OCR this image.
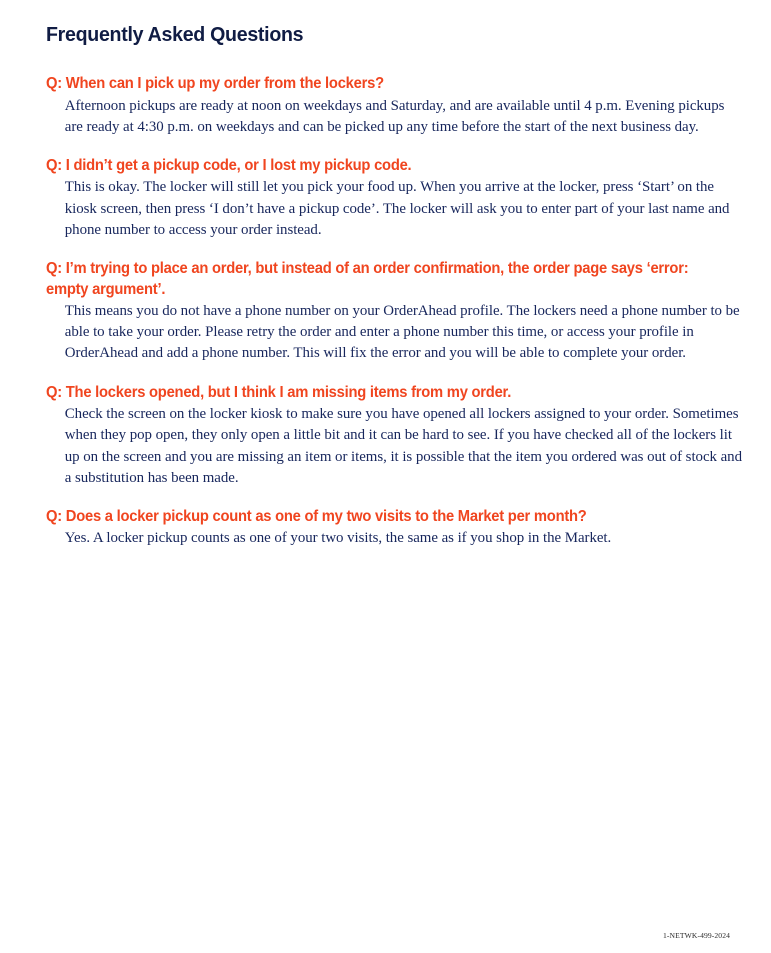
Frequently Asked Questions

Q: When can I pick up my order from the lockers?

Afternoon pickups are ready at noon on weekdays and Saturday, and are available until 4 p.m. Evening pickups are ready at 4:30 p.m. on weekdays and can be picked up any time before the start of the next business day.

Q: I didn’t get a pickup code, or I lost my pickup code.

This is okay. The locker will still let you pick your food up. When you arrive at the locker, press ‘Start’ on the kiosk screen, then press ‘I don’t have a pickup code’. The locker will ask you to enter part of your last name and phone number to access your order instead.

Q: I’m trying to place an order, but instead of an order confirmation, the order page says ‘error: empty argument’.

This means you do not have a phone number on your OrderAhead profile. The lockers need a phone number to be able to take your order. Please retry the order and enter a phone number this time, or access your profile in OrderAhead and add a phone number. This will fix the error and you will be able to complete your order.

Q: The lockers opened, but I think I am missing items from my order.

Check the screen on the locker kiosk to make sure you have opened all lockers assigned to your order. Sometimes when they pop open, they only open a little bit and it can be hard to see. If you have checked all of the lockers lit up on the screen and you are missing an item or items, it is possible that the item you ordered was out of stock and a substitution has been made.

Q: Does a locker pickup count as one of my two visits to the Market per month?

Yes. A locker pickup counts as one of your two visits, the same as if you shop in the Market.

1-NETWK-499-2024
